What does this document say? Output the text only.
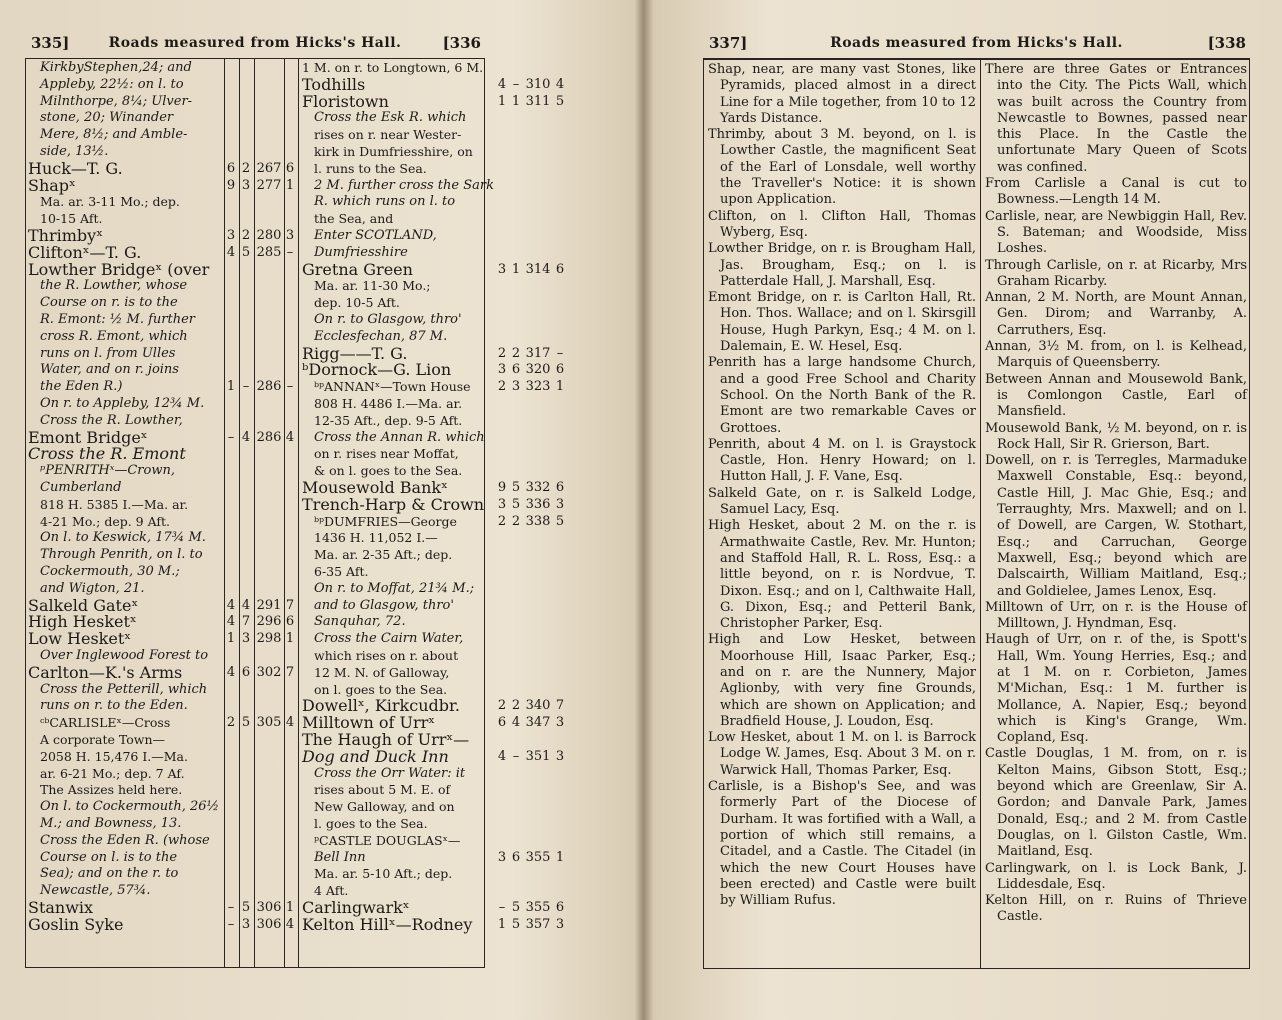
335]	Roads measured from Hicks's Hall.	[336
KirkbyStephen,24; and
Appleby, 22½: on l. to
Milnthorpe, 8¼; Ulver-
stone, 20; Winander
Mere, 8½; and Amble-
side, 13½.
Huck—T. G.	6 2 267 6
Shapˣ	9 3 277 1
Ma. ar. 3-11 Mo.; dep.
10-15 Aft.
Thrimbyˣ	3 2 280 3
Cliftonˣ—T. G.	4 5 285 –
Lowther Bridgeˣ (over
the R. Lowther, whose
Course on r. is to the
R. Emont: ½ M. further
cross R. Emont, which
runs on l. from Ulles
Water, and on r. joins
the Eden R.)	1 – 286 –
On r. to Appleby, 12¾ M.
Cross the R. Lowther,
Emont Bridgeˣ	– 4 286 4
Cross the R. Emont
ᵖPENRITHˣ—Crown,
Cumberland
818 H. 5385 I.—Ma. ar.
4-21 Mo.; dep. 9 Aft.
On l. to Keswick, 17¾ M.
Through Penrith, on l. to
Cockermouth, 30 M.;
and Wigton, 21.
Salkeld Gateˣ	4 4 291 7
High Hesketˣ	4 7 296 6
Low Hesketˣ	1 3 298 1
Over Inglewood Forest to
Carlton—K.'s Arms	4 6 302 7
Cross the Petterill, which
runs on r. to the Eden.
ᶜᵇCARLISLEˣ—Cross	2 5 305 4
A corporate Town—
2058 H. 15,476 I.—Ma.
ar. 6-21 Mo.; dep. 7 Af.
The Assizes held here.
On l. to Cockermouth, 26½
M.; and Bowness, 13.
Cross the Eden R. (whose
Course on l. is to the
Sea); and on the r. to
Newcastle, 57¾.
Stanwix	– 5 306 1
Goslin Syke	– 3 306 4
1 M. on r. to Longtown, 6 M.
Todhills	4 – 310 4
Floristown	1 1 311 5
Cross the Esk R. which
rises on r. near Wester-
kirk in Dumfriesshire, on
l. runs to the Sea.
2 M. further cross the Sark
R. which runs on l. to
the Sea, and
Enter SCOTLAND,
Dumfriesshire
Gretna Green	3 1 314 6
Ma. ar. 11-30 Mo.;
dep. 10-5 Aft.
On r. to Glasgow, thro'
Ecclesfechan, 87 M.
Rigg——T. G.	2 2 317 –
ᵇDornock—G. Lion	3 6 320 6
ᵇᵖANNANˣ—Town House 2 3 323 1
808 H. 4486 I.—Ma. ar.
12-35 Aft., dep. 9-5 Aft.
Cross the Annan R. which
on r. rises near Moffat,
& on l. goes to the Sea.
Mousewold Bankˣ	9 5 332 6
Trench-Harp & Crown 3 5 336 3
ᵇᵖDUMFRIES—George	2 2 338 5
1436 H. 11,052 I.—
Ma. ar. 2-35 Aft.; dep.
6-35 Aft.
On r. to Moffat, 21¾ M.;
and to Glasgow, thro'
Sanquhar, 72.
Cross the Cairn Water,
which rises on r. about
12 M. N. of Galloway,
on l. goes to the Sea.
Dowellˣ, Kirkcudbr.	2 2 340 7
Milltown of Urrˣ	6 4 347 3
The Haugh of Urrˣ—
Dog and Duck Inn	4 – 351 3
Cross the Orr Water: it
rises about 5 M. E. of
New Galloway, and on
l. goes to the Sea.
ᵖCASTLE DOUGLASˣ—
Bell Inn	3 6 355 1
Ma. ar. 5-10 Aft.; dep.
4 Aft.
Carlingwarkˣ	– 5 355 6
Kelton Hillˣ—Rodney 1 5 357 3
337]	Roads measured from Hicks's Hall.	[338

Shap, near, are many vast Stones, like Pyramids, placed almost in a direct Line for a Mile together, from 10 to 12 Yards Distance.

Thrimby, about 3 M. beyond, on l. is Lowther Castle, the magnificent Seat of the Earl of Lonsdale, well worthy the Traveller's Notice: it is shown upon Application.

Clifton, on l. Clifton Hall, Thomas Wyberg, Esq.

Lowther Bridge, on r. is Brougham Hall, Jas. Brougham, Esq.; on l. is Patterdale Hall, J. Marshall, Esq.

Emont Bridge, on r. is Carlton Hall, Rt. Hon. Thos. Wallace; and on l. Skirsgill House, Hugh Parkyn, Esq.; 4 M. on l. Dalemain, E. W. Hesel, Esq.

Penrith has a large handsome Church, and a good Free School and Charity School. On the North Bank of the R. Emont are two remarkable Caves or Grottoes.

Penrith, about 4 M. on l. is Graystock Castle, Hon. Henry Howard; on l. Hutton Hall, J. F. Vane, Esq.

Salkeld Gate, on r. is Salkeld Lodge, Samuel Lacy, Esq.

High Hesket, about 2 M. on the r. is Armathwaite Castle, Rev. Mr. Hunton; and Staffold Hall, R. L. Ross, Esq.: a little beyond, on r. is Nordvue, T. Dixon. Esq.; and on l, Calthwaite Hall, G. Dixon, Esq.; and Petteril Bank, Christopher Parker, Esq.

High and Low Hesket, between Moorhouse Hill, Isaac Parker, Esq.; and on r. are the Nunnery, Major Aglionby, with very fine Grounds, which are shown on Application; and Bradfield House, J. Loudon, Esq.

Low Hesket, about 1 M. on l. is Barrock Lodge W. James, Esq. About 3 M. on r. Warwick Hall, Thomas Parker, Esq.

Carlisle, is a Bishop's See, and was formerly Part of the Diocese of Durham. It was fortified with a Wall, a portion of which still remains, a Citadel, and a Castle. The Citadel (in which the new Court Houses have been erected) and Castle were built by William Rufus.

There are three Gates or Entrances into the City. The Picts Wall, which was built across the Country from Newcastle to Bownes, passed near this Place. In the Castle the unfortunate Mary Queen of Scots was confined.

From Carlisle a Canal is cut to Bowness.—Length 14 M.

Carlisle, near, are Newbiggin Hall, Rev. S. Bateman; and Woodside, Miss Loshes.

Through Carlisle, on r. at Ricarby, Mrs Graham Ricarby.

Annan, 2 M. North, are Mount Annan, Gen. Dirom; and Warranby, A. Carruthers, Esq.

Annan, 3½ M. from, on l. is Kelhead, Marquis of Queensberry.

Between Annan and Mousewold Bank, is Comlongon Castle, Earl of Mansfield.

Mousewold Bank, ½ M. beyond, on r. is Rock Hall, Sir R. Grierson, Bart.

Dowell, on r. is Terregles, Marmaduke Maxwell Constable, Esq.: beyond, Castle Hill, J. Mac Ghie, Esq.; and Terraughty, Mrs. Maxwell; and on l. of Dowell, are Cargen, W. Stothart, Esq.; and Carruchan, George Maxwell, Esq.; beyond which are Dalscairth, William Maitland, Esq.; and Goldielee, James Lenox, Esq.

Milltown of Urr, on r. is the House of Milltown, J. Hyndman, Esq.

Haugh of Urr, on r. of the, is Spott's Hall, Wm. Young Herries, Esq.; and at 1 M. on r. Corbieton, James M'Michan, Esq.: 1 M. further is Mollance, A. Napier, Esq.; beyond which is King's Grange, Wm. Copland, Esq.

Castle Douglas, 1 M. from, on r. is Kelton Mains, Gibson Stott, Esq.; beyond which are Greenlaw, Sir A. Gordon; and Danvale Park, James Donald, Esq.; and 2 M. from Castle Douglas, on l. Gilston Castle, Wm. Maitland, Esq.

Carlingwark, on l. is Lock Bank, J. Liddesdale, Esq.

Kelton Hill, on r. Ruins of Thrieve Castle.
